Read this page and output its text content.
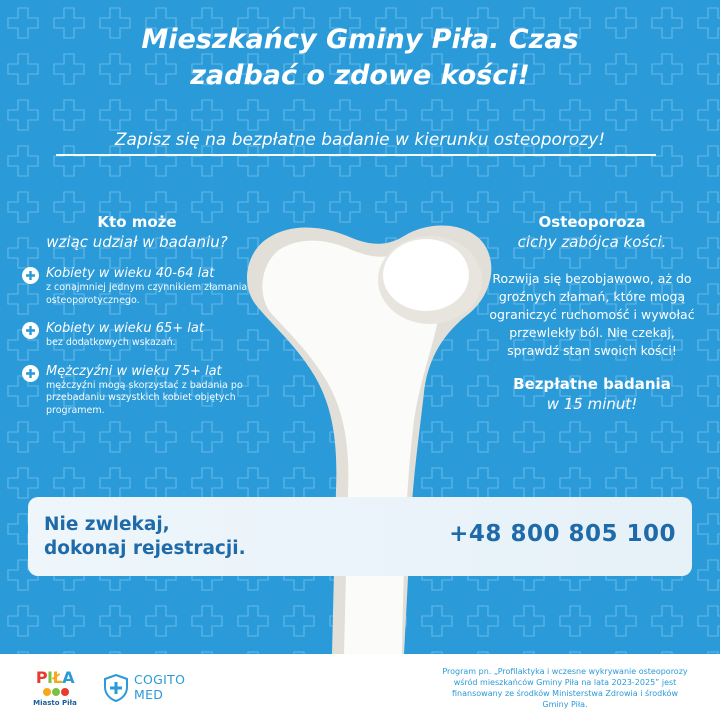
Mieszkańcy Gminy Piła. Czas
zadbać o zdowe kości!
Zapisz się na bezpłatne badanie w kierunku osteoporozy!
Kto może
wziąc udział w badaniu?
Kobiety w wieku 40-64 lat
z conajmniej jednym czynnikiem złamania osteoporotycznego.
Kobiety w wieku 65+ lat
bez dodatkowych wskazań.
Mężczyźni w wieku 75+ lat
mężczyźni mogą skorzystać z badania po przebadaniu wszystkich kobiet objętych programem.
Osteoporoza
cichy zabójca kości.
Rozwija się bezobjawowo, aż do groźnych złamań, które mogą ograniczyć ruchomość i wywołać przewlekły ból. Nie czekaj, sprawdź stan swoich kości!
Bezpłatne badania
w 15 minut!
Nie zwlekaj,
dokonaj rejestracji.
+48 800 805 100
PIŁA
Miasto Piła
COGITO
MED
Program pn. „Profilaktyka i wczesne wykrywanie osteoporozy wśród mieszkańców Gminy Piła na lata 2023-2025” jest finansowany ze środków Ministerstwa Zdrowia i środków Gminy Piła.
